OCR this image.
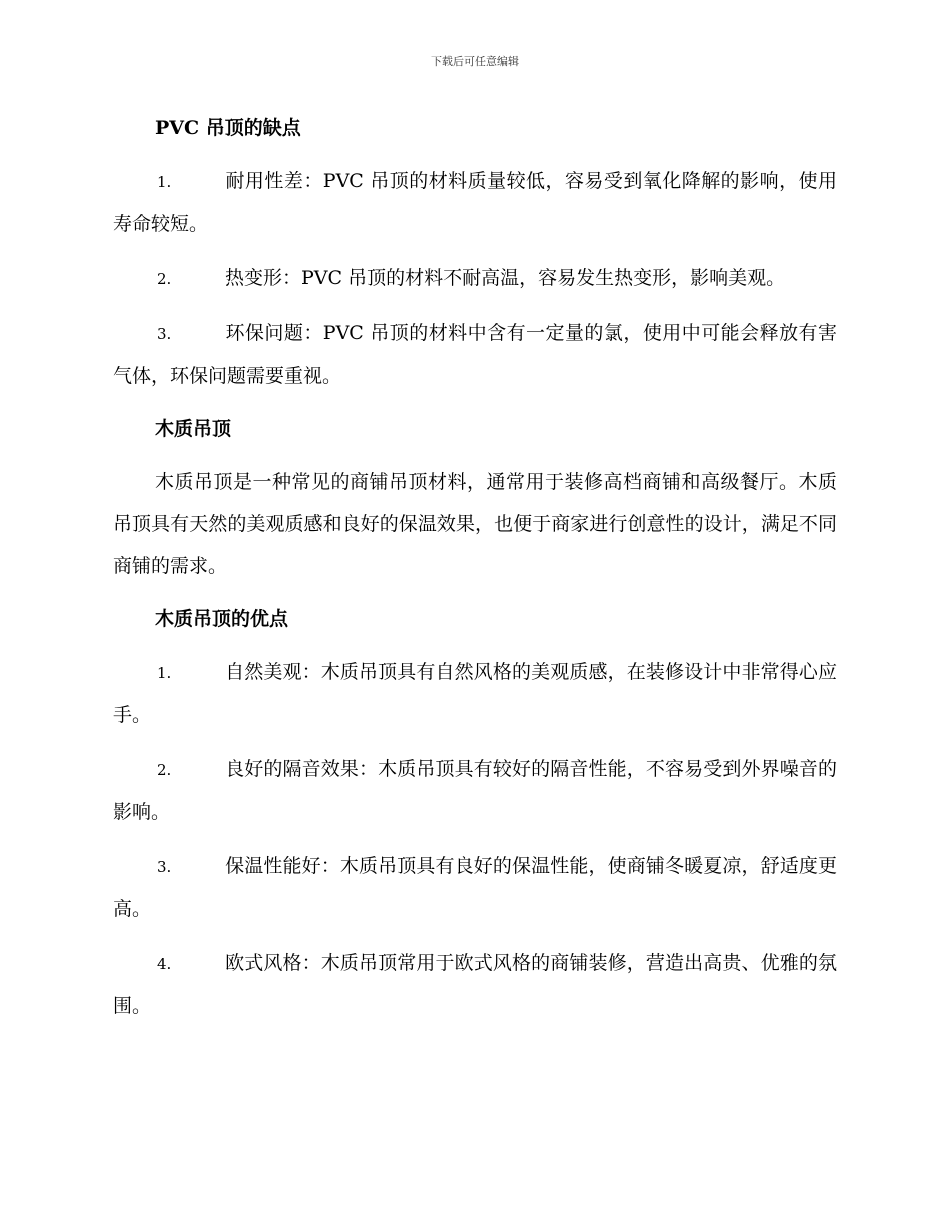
下载后可任意编辑
PVC 吊顶的缺点
1.	耐用性差：PVC 吊顶的材料质量较低，容易受到氧化降解的影响，使用寿命较短。
2.	热变形：PVC 吊顶的材料不耐高温，容易发生热变形，影响美观。
3.	环保问题：PVC 吊顶的材料中含有一定量的氯，使用中可能会释放有害气体，环保问题需要重视。
木质吊顶
木质吊顶是一种常见的商铺吊顶材料，通常用于装修高档商铺和高级餐厅。木质吊顶具有天然的美观质感和良好的保温效果，也便于商家进行创意性的设计，满足不同商铺的需求。
木质吊顶的优点
1.	自然美观：木质吊顶具有自然风格的美观质感，在装修设计中非常得心应手。
2.	良好的隔音效果：木质吊顶具有较好的隔音性能，不容易受到外界噪音的影响。
3.	保温性能好：木质吊顶具有良好的保温性能，使商铺冬暖夏凉，舒适度更高。
4.	欧式风格：木质吊顶常用于欧式风格的商铺装修，营造出高贵、优雅的氛围。
